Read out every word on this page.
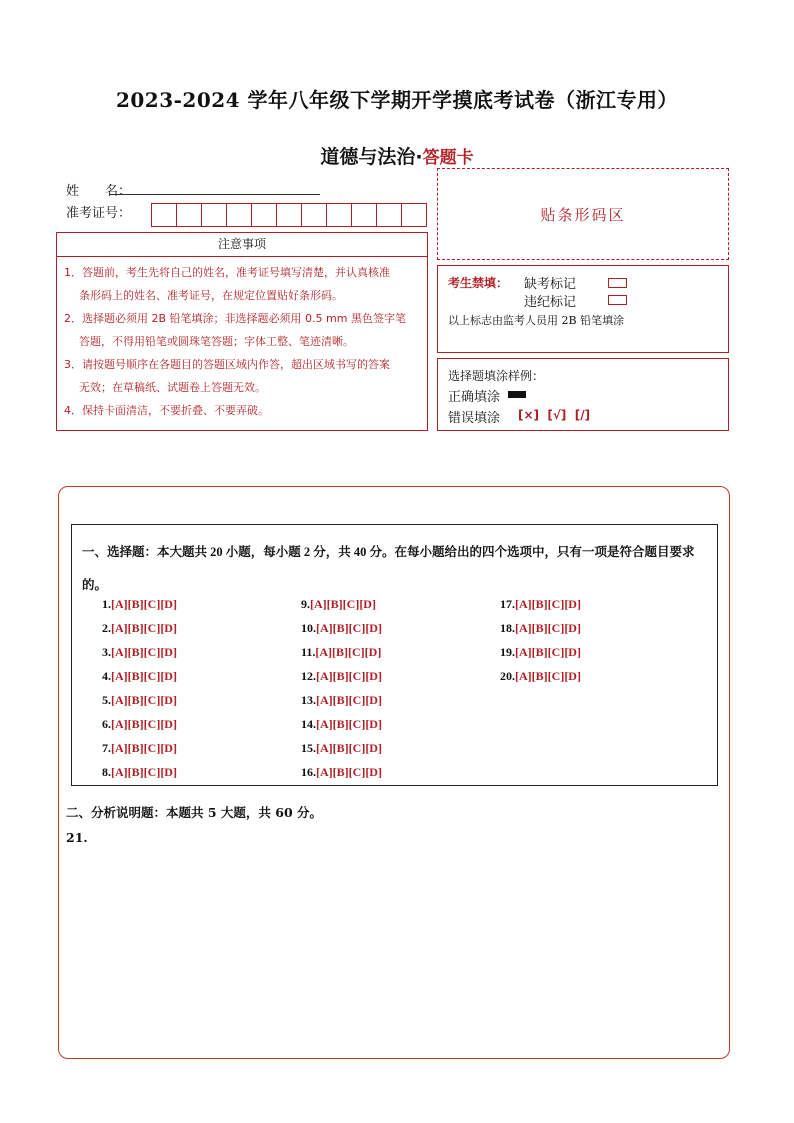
2023-2024 学年八年级下学期开学摸底考试卷（浙江专用）
道德与法治·答题卡
姓　　名：
准考证号：	贴条形码区
注意事项
1．答题前，考生先将自己的姓名，准考证号填写清楚，并认真核准
条形码上的姓名、准考证号，在规定位置贴好条形码。
2．选择题必须用 2B 铅笔填涂；非选择题必须用 0.5 mm 黑色签字笔
答题，不得用铅笔或圆珠笔答题；字体工整、笔迹清晰。
3．请按题号顺序在各题目的答题区域内作答，超出区域书写的答案
无效；在草稿纸、试题卷上答题无效。
4．保持卡面清洁，不要折叠、不要弄破。
考生禁填： 缺考标记
违纪标记
以上标志由监考人员用 2B 铅笔填涂
选择题填涂样例：
正确填涂
错误填涂 [×]  [√]  [/]
一、选择题：本大题共 20 小题，每小题 2 分，共 40 分。在每小题给出的四个选项中，只有一项是符合题目要求的。
1.[A][B][C][D]
2.[A][B][C][D]
3.[A][B][C][D]
4.[A][B][C][D]
5.[A][B][C][D]
6.[A][B][C][D]
7.[A][B][C][D]
8.[A][B][C][D]
9.[A][B][C][D]
10.[A][B][C][D]
11.[A][B][C][D]
12.[A][B][C][D]
13.[A][B][C][D]
14.[A][B][C][D]
15.[A][B][C][D]
16.[A][B][C][D]
17.[A][B][C][D]
18.[A][B][C][D]
19.[A][B][C][D]
20.[A][B][C][D]
二、分析说明题：本题共 5 大题，共 60 分。
21.
